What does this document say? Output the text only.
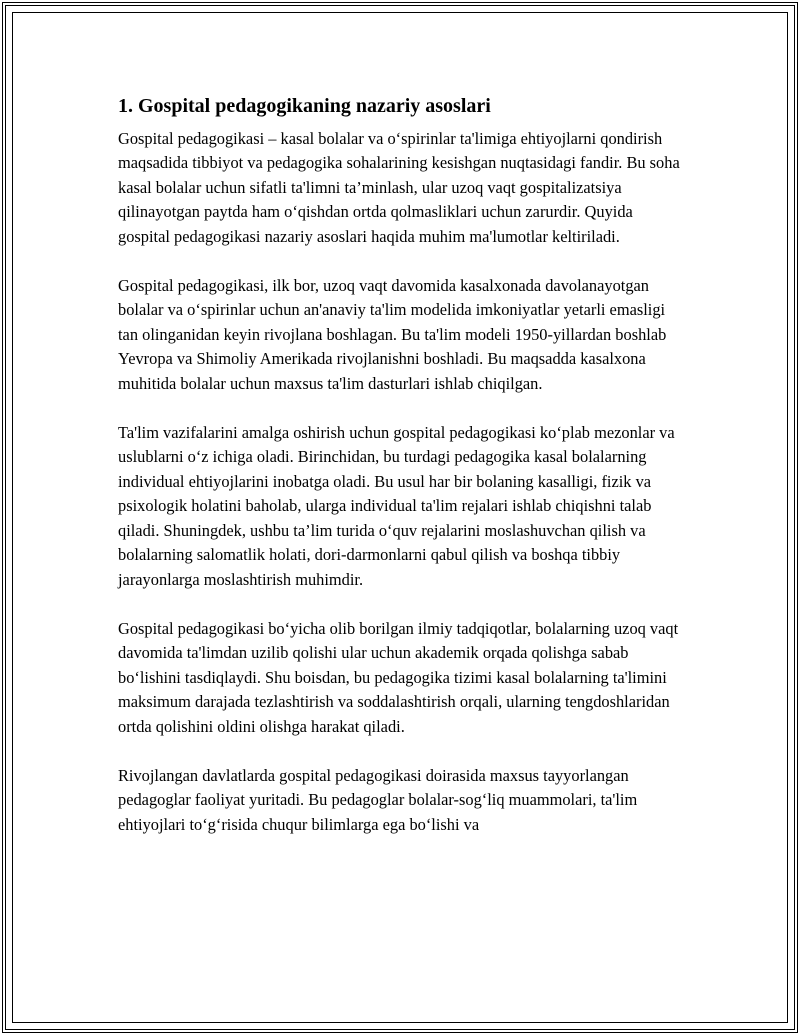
1. Gospital pedagogikaning nazariy asoslari

Gospital pedagogikasi – kasal bolalar va o‘spirinlar ta'limiga ehtiyojlarni qondirish maqsadida tibbiyot va pedagogika sohalarining kesishgan nuqtasidagi fandir. Bu soha kasal bolalar uchun sifatli ta'limni ta’minlash, ular uzoq vaqt gospitalizatsiya qilinayotgan paytda ham o‘qishdan ortda qolmasliklari uchun zarurdir. Quyida gospital pedagogikasi nazariy asoslari haqida muhim ma'lumotlar keltiriladi.

Gospital pedagogikasi, ilk bor, uzoq vaqt davomida kasalxonada davolanayotgan bolalar va o‘spirinlar uchun an'anaviy ta'lim modelida imkoniyatlar yetarli emasligi tan olinganidan keyin rivojlana boshlagan. Bu ta'lim modeli 1950-yillardan boshlab Yevropa va Shimoliy Amerikada rivojlanishni boshladi. Bu maqsadda kasalxona muhitida bolalar uchun maxsus ta'lim dasturlari ishlab chiqilgan.

Ta'lim vazifalarini amalga oshirish uchun gospital pedagogikasi ko‘plab mezonlar va uslublarni o‘z ichiga oladi. Birinchidan, bu turdagi pedagogika kasal bolalarning individual ehtiyojlarini inobatga oladi. Bu usul har bir bolaning kasalligi, fizik va psixologik holatini baholab, ularga individual ta'lim rejalari ishlab chiqishni talab qiladi. Shuningdek, ushbu ta’lim turida o‘quv rejalarini moslashuvchan qilish va bolalarning salomatlik holati, dori-darmonlarni qabul qilish va boshqa tibbiy jarayonlarga moslashtirish muhimdir.

Gospital pedagogikasi bo‘yicha olib borilgan ilmiy tadqiqotlar, bolalarning uzoq vaqt davomida ta'limdan uzilib qolishi ular uchun akademik orqada qolishga sabab bo‘lishini tasdiqlaydi. Shu boisdan, bu pedagogika tizimi kasal bolalarning ta'limini maksimum darajada tezlashtirish va soddalashtirish orqali, ularning tengdoshlaridan ortda qolishini oldini olishga harakat qiladi.

Rivojlangan davlatlarda gospital pedagogikasi doirasida maxsus tayyorlangan pedagoglar faoliyat yuritadi. Bu pedagoglar bolalar-sog‘liq muammolari, ta'lim ehtiyojlari to‘g‘risida chuqur bilimlarga ega bo‘lishi va
